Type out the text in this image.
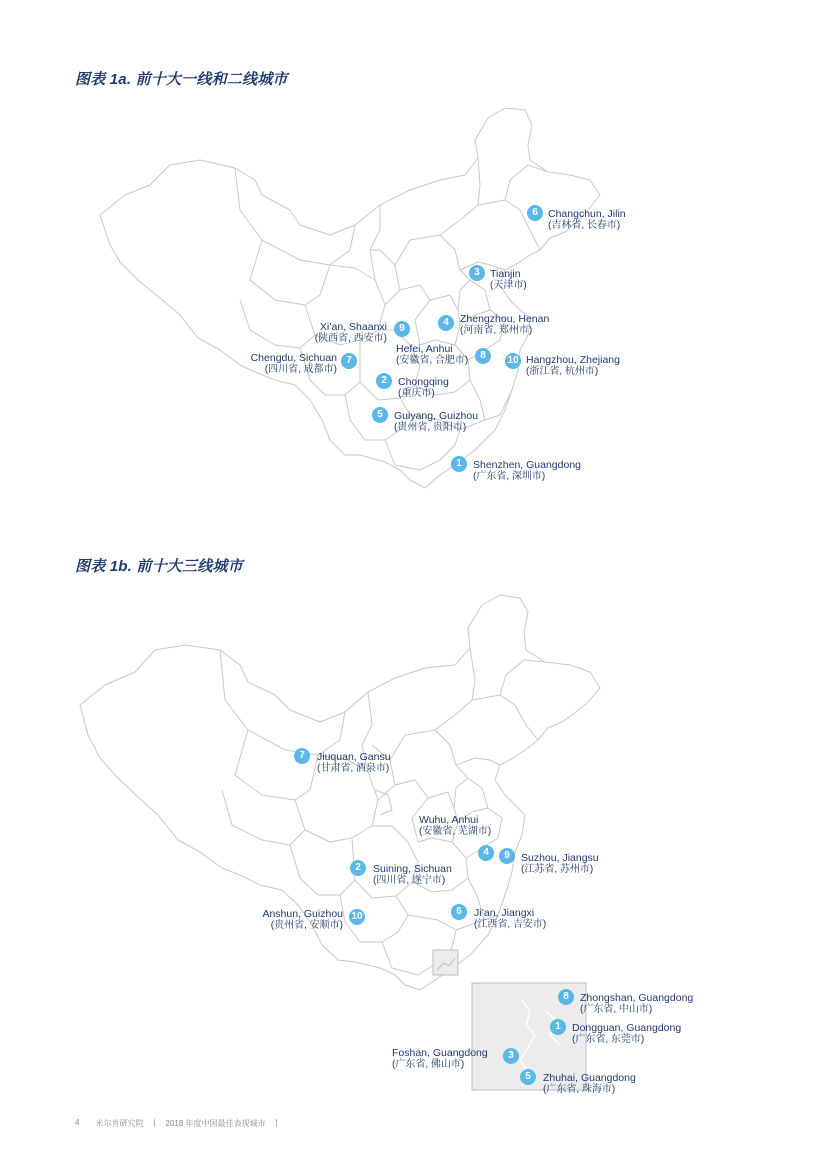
图表 1a. 前十大一线和二线城市
6 Changchun, Jilin
(吉林省, 长春市)
3 Tianjin
(天津市)
9
Xi’an, Shaanxi
(陕西省, 西安市)
4	Zhengzhou, Henan
(河南省, 郑州市)
7
Chengdu, Sichuan
(四川省, 成都市)
8
Hefei, Anhui
(安徽省, 合肥市)	10 Hangzhou, Zhejiang
(浙江省, 杭州市)
2	Chongqing
(重庆市)
5	Guiyang, Guizhou
(贵州省, 贵阳市)
1	Shenzhen, Guangdong
(广东省, 深圳市)
图表 1b. 前十大三线城市
7	Jiuquan, Gansu
(甘肃省, 酒泉市)
4
Wuhu, Anhui
(安徽省, 芜湖市)
9	Suzhou, Jiangsu
(江苏省, 苏州市)
2	Suining, Sichuan
(四川省, 遂宁市)
10
Anshun, Guizhou
(贵州省, 安顺市)
6	Ji’an, Jiangxi
(江西省, 吉安市)
8	Zhongshan, Guangdong
(广东省, 中山市)
1	Dongguan, Guangdong
(广东省, 东莞市)
3
Foshan, Guangdong
(广东省, 佛山市)
5	Zhuhai, Guangdong
(广东省, 珠海市)
4 米尔肯研究院 | 2018 年度中国最佳表现城市 |
